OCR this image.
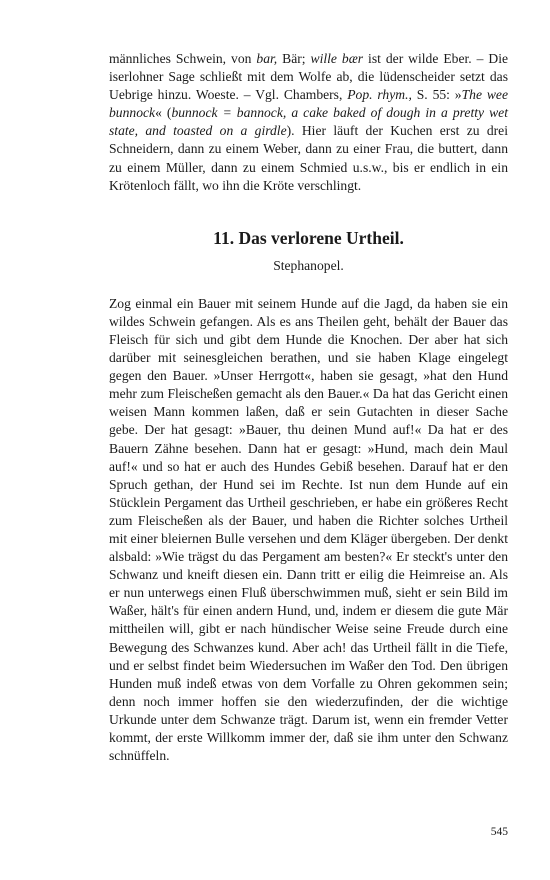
männliches Schwein, von bar, Bär; wille bær ist der wilde Eber. – Die iserlohner Sage schließt mit dem Wolfe ab, die lüdenscheider setzt das Uebrige hinzu. Woeste. – Vgl. Chambers, Pop. rhym., S. 55: »The wee bunnock« (bunnock = bannock, a cake baked of dough in a pretty wet state, and toasted on a girdle). Hier läuft der Kuchen erst zu drei Schneidern, dann zu einem Weber, dann zu einer Frau, die buttert, dann zu einem Müller, dann zu einem Schmied u.s.w., bis er endlich in ein Krötenloch fällt, wo ihn die Kröte verschlingt.

11. Das verlorene Urtheil.

Stephanopel.

Zog einmal ein Bauer mit seinem Hunde auf die Jagd, da haben sie ein wildes Schwein gefangen. Als es ans Theilen geht, behält der Bauer das Fleisch für sich und gibt dem Hunde die Knochen. Der aber hat sich darüber mit seinesgleichen berathen, und sie haben Klage eingelegt gegen den Bauer. »Unser Herrgott«, haben sie gesagt, »hat den Hund mehr zum Fleischeßen gemacht als den Bauer.« Da hat das Gericht einen weisen Mann kommen laßen, daß er sein Gutachten in dieser Sache gebe. Der hat gesagt: »Bauer, thu deinen Mund auf!« Da hat er des Bauern Zähne besehen. Dann hat er gesagt: »Hund, mach dein Maul auf!« und so hat er auch des Hundes Gebiß besehen. Darauf hat er den Spruch gethan, der Hund sei im Rechte. Ist nun dem Hunde auf ein Stücklein Pergament das Urtheil geschrieben, er habe ein größeres Recht zum Fleischeßen als der Bauer, und haben die Richter solches Urtheil mit einer bleiernen Bulle versehen und dem Kläger übergeben. Der denkt alsbald: »Wie trägst du das Pergament am besten?« Er steckt's unter den Schwanz und kneift diesen ein. Dann tritt er eilig die Heimreise an. Als er nun unterwegs einen Fluß überschwimmen muß, sieht er sein Bild im Waßer, hält's für einen andern Hund, und, indem er diesem die gute Mär mittheilen will, gibt er nach hündischer Weise seine Freude durch eine Bewegung des Schwanzes kund. Aber ach! das Urtheil fällt in die Tiefe, und er selbst findet beim Wiedersuchen im Waßer den Tod. Den übrigen Hunden muß indeß etwas von dem Vorfalle zu Ohren gekommen sein; denn noch immer hoffen sie den wiederzufinden, der die wichtige Urkunde unter dem Schwanze trägt. Darum ist, wenn ein fremder Vetter kommt, der erste Willkomm immer der, daß sie ihm unter den Schwanz schnüffeln.

545
